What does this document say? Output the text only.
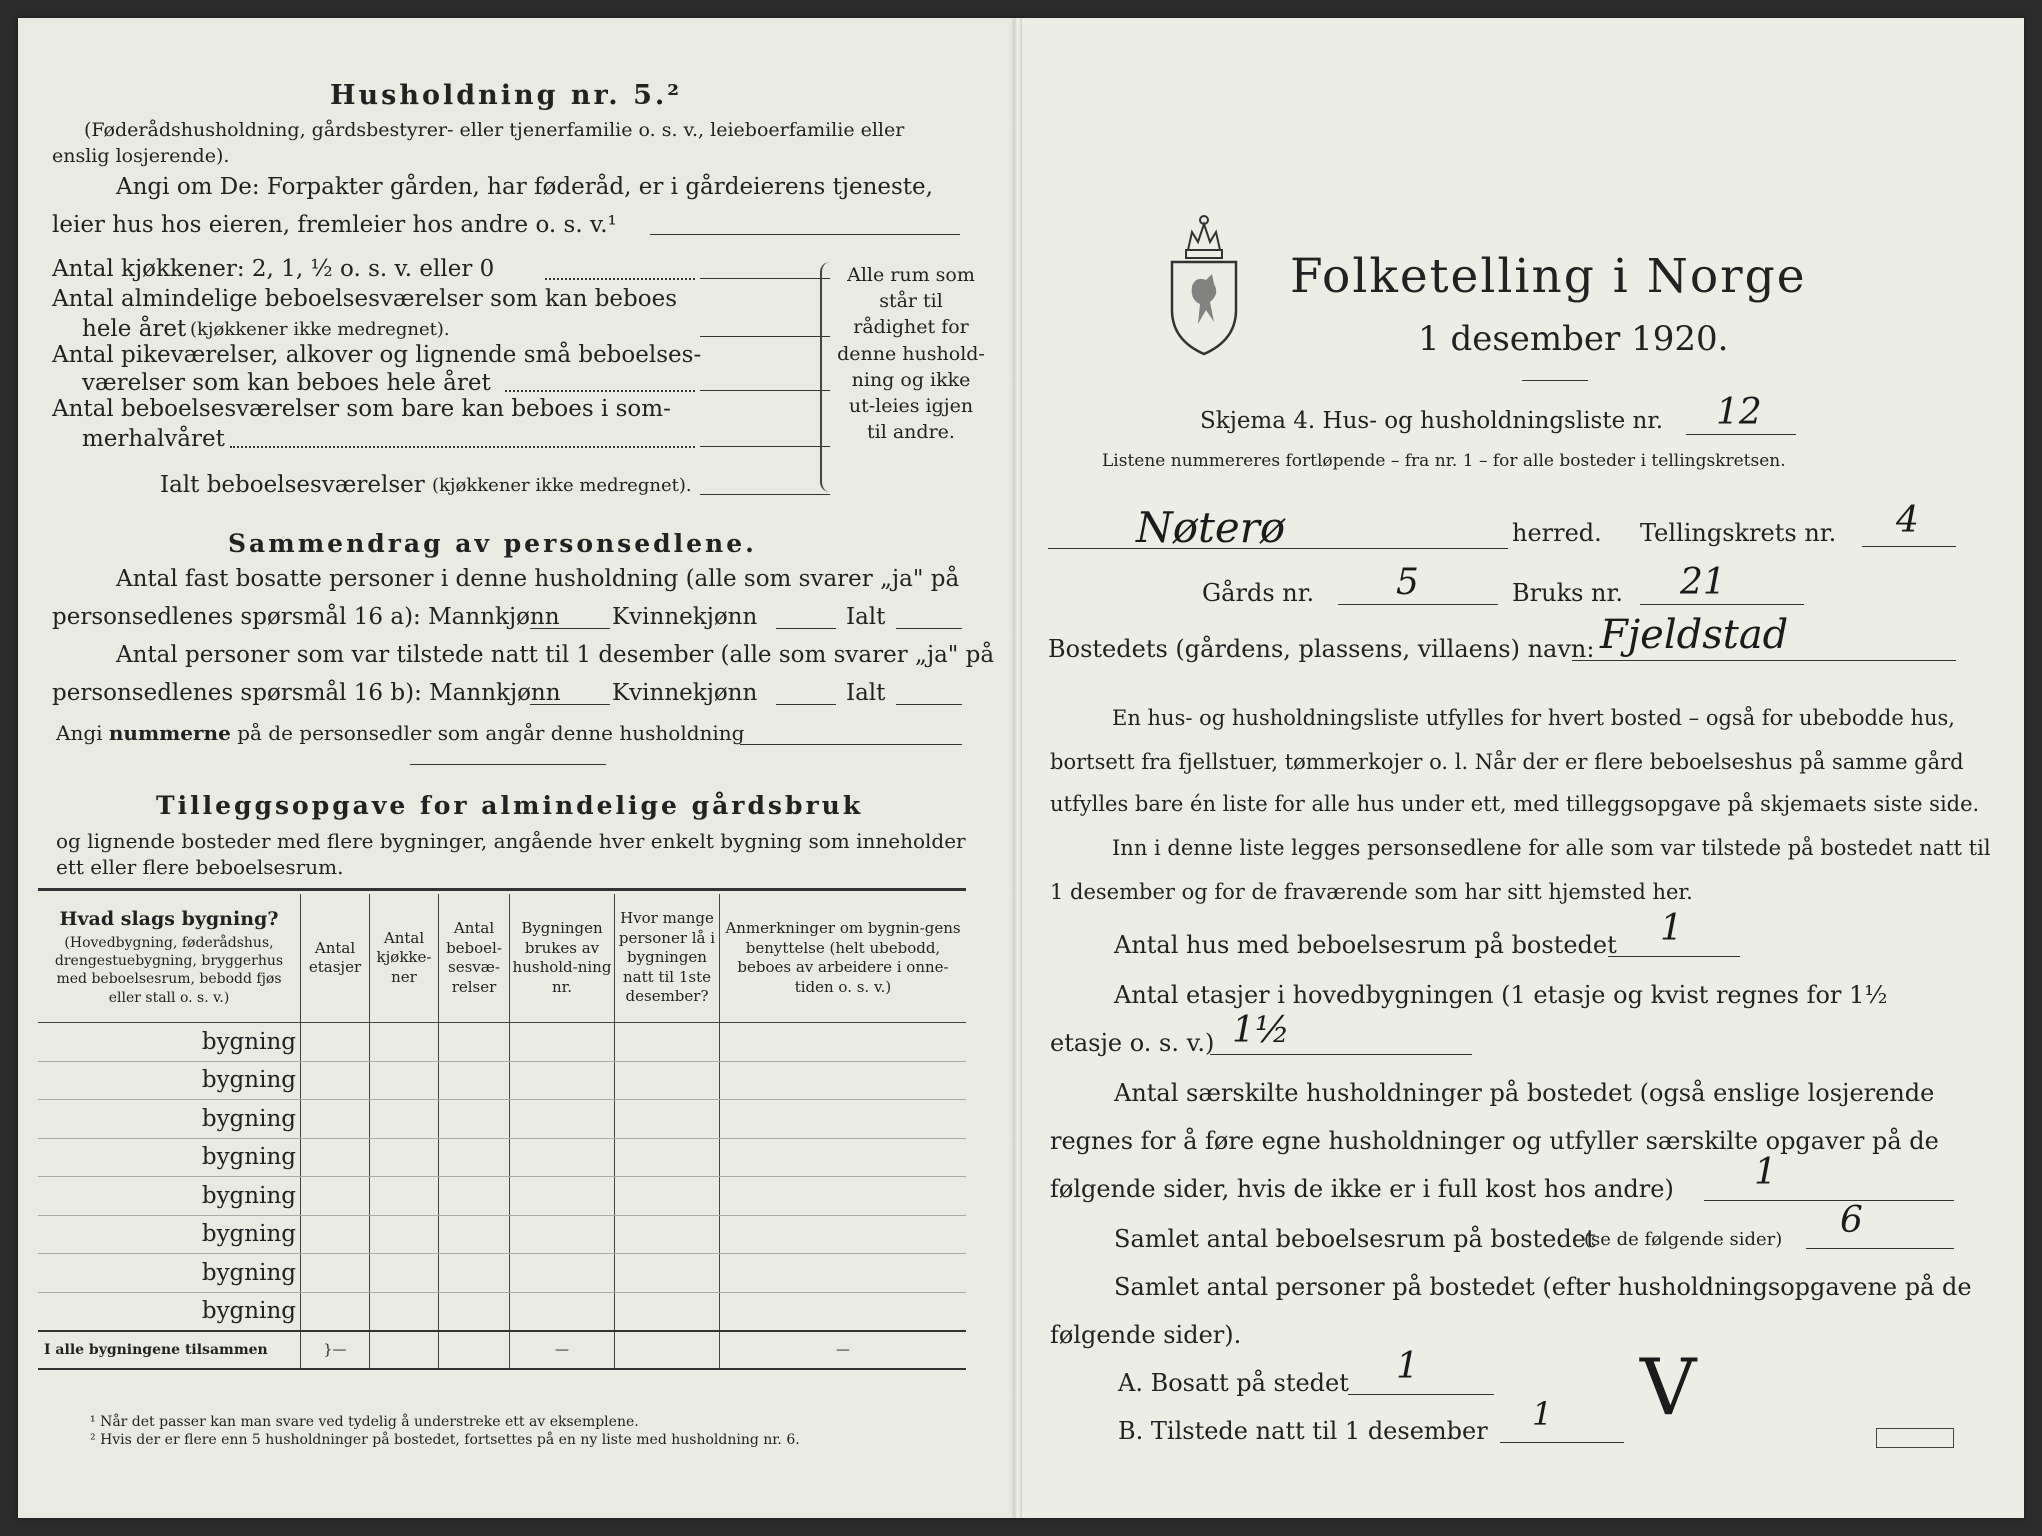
Husholdning nr. 5.²
(Føderådshusholdning, gårdsbestyrer- eller tjenerfamilie o. s. v., leieboerfamilie eller
enslig losjerende).
Angi om De: Forpakter gården, har føderåd, er i gårdeierens tjeneste,
leier hus hos eieren, fremleier hos andre o. s. v.¹
Antal kjøkkener: 2, 1, ½ o. s. v. eller 0
Antal almindelige beboelsesværelser som kan beboes
hele året (kjøkkener ikke medregnet).
Antal pikeværelser, alkover og lignende små beboelses-
værelser som kan beboes hele året
Antal beboelsesværelser som bare kan beboes i som-
merhalvåret
Ialt beboelsesværelser (kjøkkener ikke medregnet).
Alle rum som står til rådighet for denne hushold-ning og ikke ut-leies igjen til andre.
Sammendrag av personsedlene.
Antal fast bosatte personer i denne husholdning (alle som svarer „ja" på
personsedlenes spørsmål 16 a): Mannkjønn Kvinnekjønn	Ialt
Antal personer som var tilstede natt til 1 desember (alle som svarer „ja" på
personsedlenes spørsmål 16 b): Mannkjønn Kvinnekjønn	Ialt
Angi nummerne på de personsedler som angår denne husholdning
Tilleggsopgave for almindelige gårdsbruk
og lignende bosteder med flere bygninger, angående hver enkelt bygning som inneholder
ett eller flere beboelsesrum.
Hvad slags bygning?
(Hovedbygning, føderådshus, drengestuebygning, bryggerhus med beboelsesrum, bebodd fjøs eller stall o. s. v.)	Antal etasjer	Antal kjøkke-ner	Antal beboel-sesvæ-relser	Bygningen brukes av hushold-ning nr.	Hvor mange personer lå i bygningen natt til 1ste desember?	Anmerkninger om bygnin-gens benyttelse (helt ubebodd, beboes av arbeidere i onne-tiden o. s. v.)
bygning						
bygning						
bygning						
bygning						
bygning						
bygning						
bygning						
bygning						
I alle bygningene tilsammen	}—			—		—
¹ Når det passer kan man svare ved tydelig å understreke ett av eksemplene.
² Hvis der er flere enn 5 husholdninger på bostedet, fortsettes på en ny liste med husholdning nr. 6.
Folketelling i Norge
1 desember 1920.
Skjema 4. Hus- og husholdningsliste nr. 12
Listene nummereres fortløpende – fra nr. 1 – for alle bosteder i tellingskretsen.
Nøterø	herred. Tellingskrets nr. 4
Gårds nr. 5	Bruks nr. 21
Bostedets (gårdens, plassens, villaens) navn: Fjeldstad
En hus- og husholdningsliste utfylles for hvert bosted – også for ubebodde hus,
bortsett fra fjellstuer, tømmerkojer o. l. Når der er flere beboelseshus på samme gård
utfylles bare én liste for alle hus under ett, med tilleggsopgave på skjemaets siste side.
Inn i denne liste legges personsedlene for alle som var tilstede på bostedet natt til
1 desember og for de fraværende som har sitt hjemsted her.
Antal hus med beboelsesrum på bostedet 1
Antal etasjer i hovedbygningen (1 etasje og kvist regnes for 1½
etasje o. s. v.) 1½
Antal særskilte husholdninger på bostedet (også enslige losjerende
regnes for å føre egne husholdninger og utfyller særskilte opgaver på de
følgende sider, hvis de ikke er i full kost hos andre) 1
Samlet antal beboelsesrum på bostedet
(se de følgende sider) 6
Samlet antal personer på bostedet (efter husholdningsopgavene på de
følgende sider).
A. Bosatt på stedet 1
B. Tilstede natt til 1 desember 1 V
